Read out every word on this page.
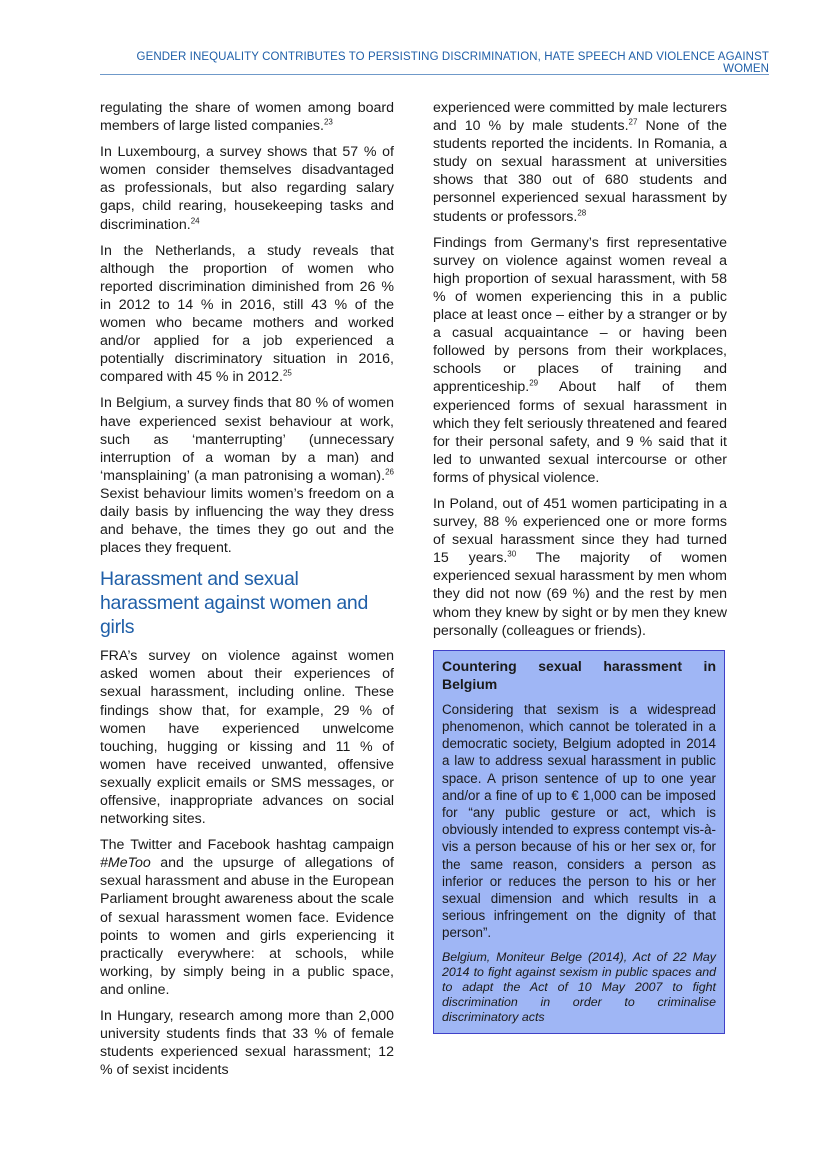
GENDER INEQUALITY CONTRIBUTES TO PERSISTING DISCRIMINATION, HATE SPEECH AND VIOLENCE AGAINST WOMEN

regulating the share of women among board members of large listed companies.$^{23}$

In Luxembourg, a survey shows that 57 % of women consider themselves disadvantaged as professionals, but also regarding salary gaps, child rearing, housekeeping tasks and discrimination.$^{24}$

In the Netherlands, a study reveals that although the proportion of women who reported discrimination diminished from 26 % in 2012 to 14 % in 2016, still 43 % of the women who became mothers and worked and/or applied for a job experienced a potentially discriminatory situation in 2016, compared with 45 % in 2012.25

In Belgium, a survey finds that 80 % of women have experienced sexist behaviour at work, such as ‘manterrupting’ (unnecessary interruption of a woman by a man) and ‘mansplaining’ (a man patronising a woman).$^{26}$ Sexist behaviour limits women’s freedom on a daily basis by influencing the way they dress and behave, the times they go out and the places they frequent.

Harassment and sexual harassment against women and girls

FRA’s survey on violence against women asked women about their experiences of sexual harassment, including online. These findings show that, for example, 29 % of women have experienced unwelcome touching, hugging or kissing and 11 % of women have received unwanted, offensive sexually explicit emails or SMS messages, or offensive, inappropriate advances on social networking sites.

The Twitter and Facebook hashtag campaign #MeToo and the upsurge of allegations of sexual harassment and abuse in the European Parliament brought awareness about the scale of sexual harassment women face. Evidence points to women and girls experiencing it practically everywhere: at schools, while working, by simply being in a public space, and online.

In Hungary, research among more than 2,000 university students finds that 33 % of female students experienced sexual harassment; 12 % of sexist incidents

experienced were committed by male lecturers and 10 % by male students.$^{27}$ None of the students reported the incidents. In Romania, a study on sexual harassment at universities shows that 380 out of 680 students and personnel experienced sexual harassment by students or professors.$^{28}$

Findings from Germany’s first representative survey on violence against women reveal a high proportion of sexual harassment, with 58 % of women experiencing this in a public place at least once – either by a stranger or by a casual acquaintance – or having been followed by persons from their workplaces, schools or places of training and apprenticeship.$^{29}$ About half of them experienced forms of sexual harassment in which they felt seriously threatened and feared for their personal safety, and 9 % said that it led to unwanted sexual intercourse or other forms of physical violence.

In Poland, out of 451 women participating in a survey, 88 % experienced one or more forms of sexual harassment since they had turned 15 years.$^{30}$ The majority of women experienced sexual harassment by men whom they did not now (69 %) and the rest by men whom they knew by sight or by men they knew personally (colleagues or friends).

Countering sexual harassment in Belgium

Considering that sexism is a widespread phenomenon, which cannot be tolerated in a democratic society, Belgium adopted in 2014 a law to address sexual harassment in public space. A prison sentence of up to one year and/or a fine of up to € 1,000 can be imposed for “any public gesture or act, which is obviously intended to express contempt vis-à-vis a person because of his or her sex or, for the same reason, considers a person as inferior or reduces the person to his or her sexual dimension and which results in a serious infringement on the dignity of that person”.

Belgium, Moniteur Belge (2014), Act of 22 May 2014 to fight against sexism in public spaces and to adapt the Act of 10 May 2007 to fight discrimination in order to criminalise discriminatory acts
